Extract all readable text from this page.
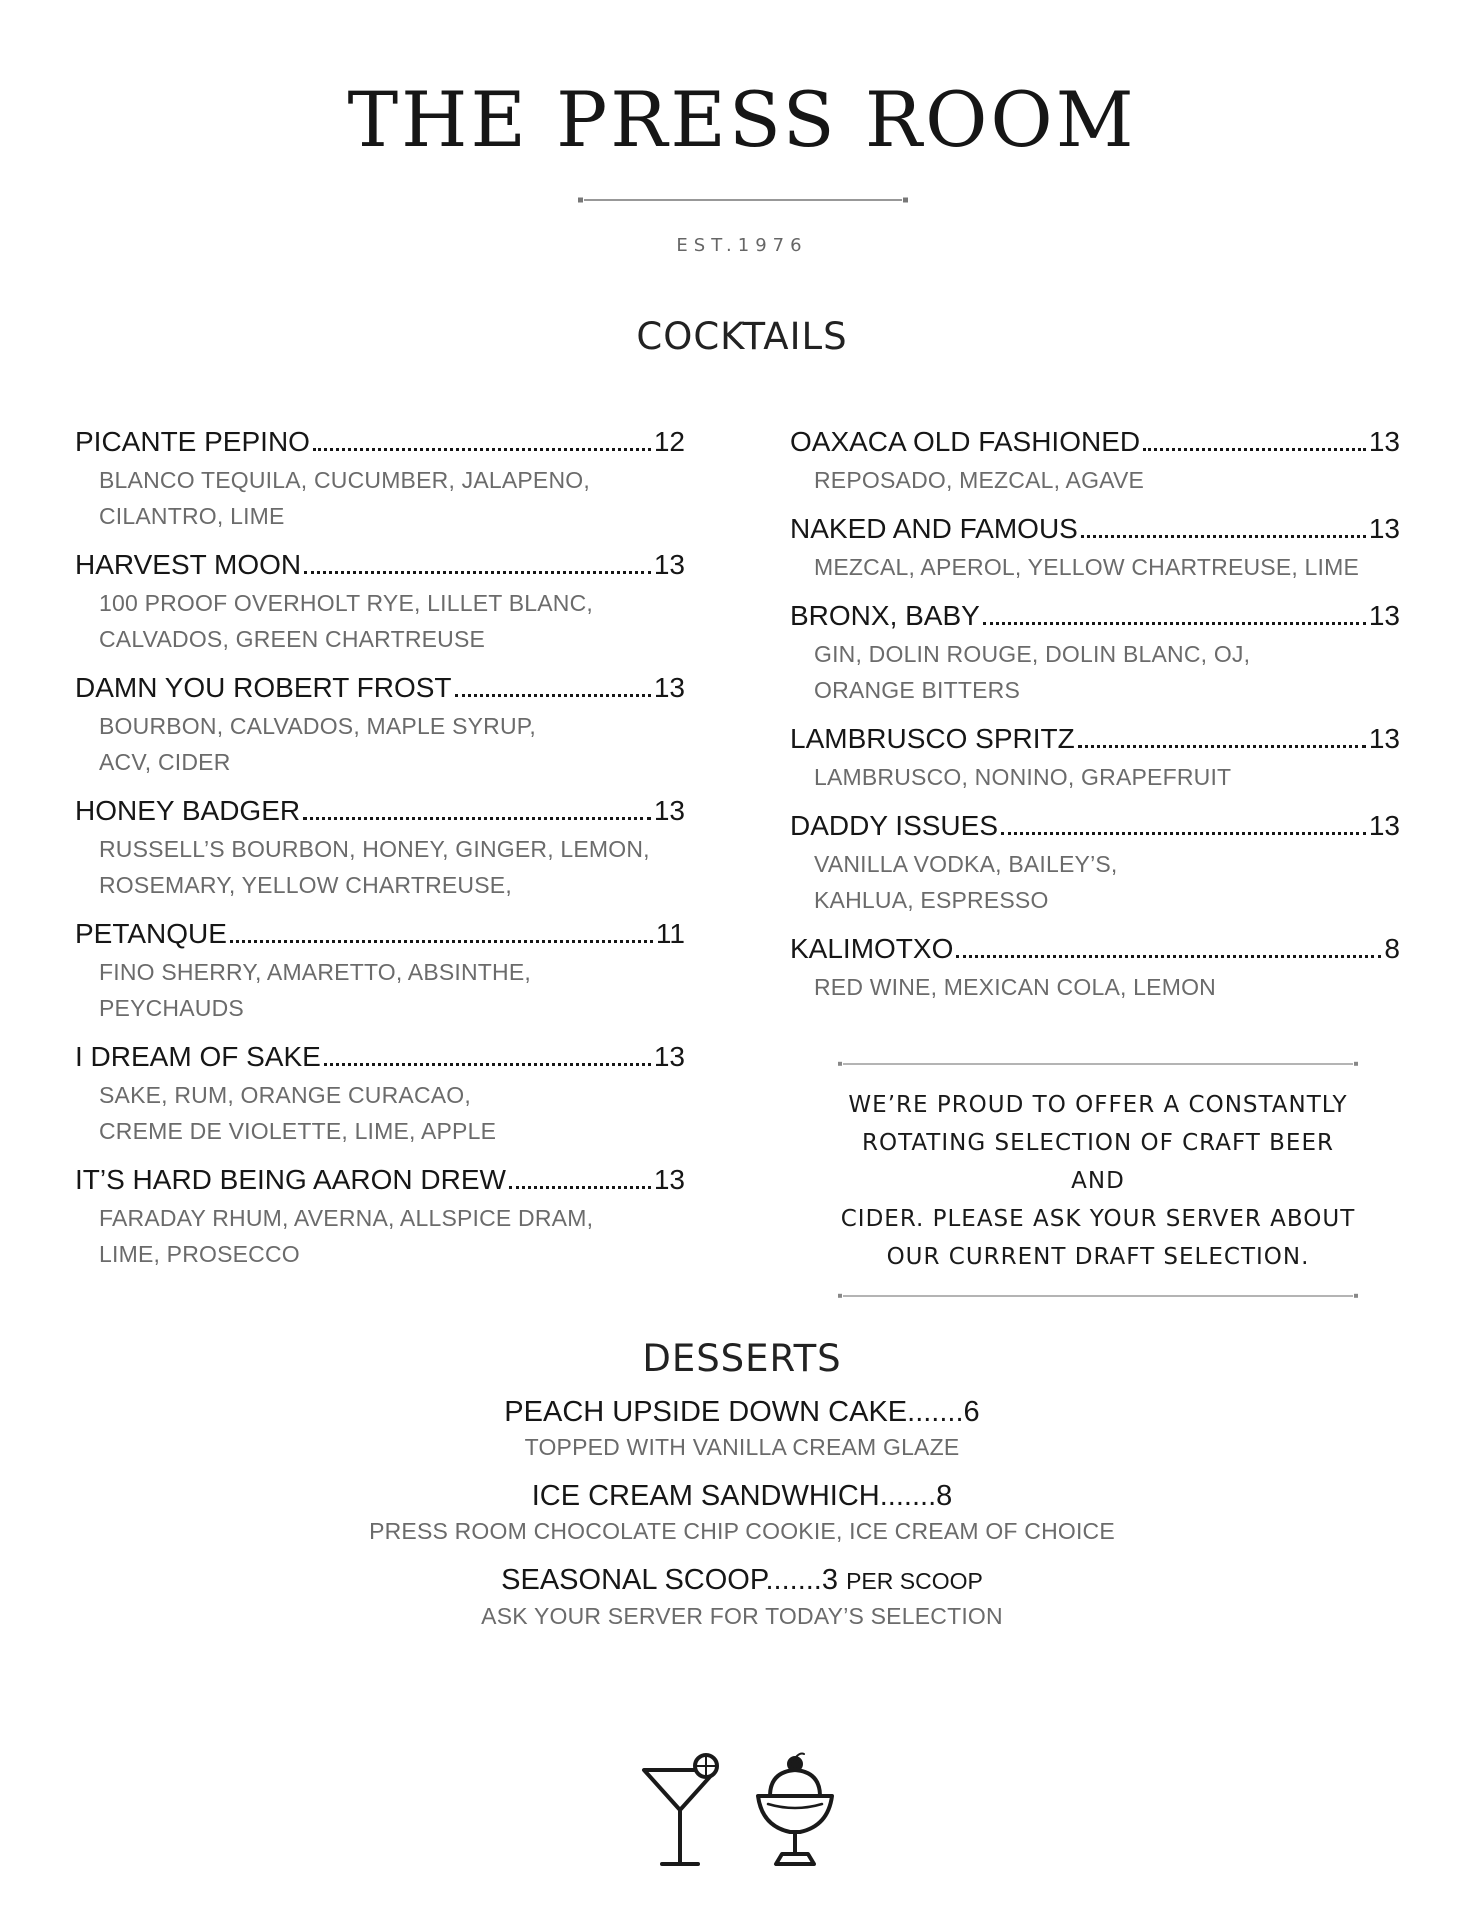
THE PRESS ROOM
EST.1976
COCKTAILS
PICANTE PEPINO	12
BLANCO TEQUILA, CUCUMBER, JALAPENO,
CILANTRO, LIME
HARVEST MOON	13
100 PROOF OVERHOLT RYE, LILLET BLANC,
CALVADOS, GREEN CHARTREUSE
DAMN YOU ROBERT FROST	13
BOURBON, CALVADOS, MAPLE SYRUP,
ACV, CIDER
HONEY BADGER	13
RUSSELL’S BOURBON, HONEY, GINGER, LEMON,
ROSEMARY, YELLOW CHARTREUSE,
PETANQUE	11
FINO SHERRY, AMARETTO, ABSINTHE,
PEYCHAUDS
I DREAM OF SAKE	13
SAKE, RUM, ORANGE CURACAO,
CREME DE VIOLETTE, LIME, APPLE
IT’S HARD BEING AARON DREW	13
FARADAY RHUM, AVERNA, ALLSPICE DRAM,
LIME, PROSECCO
OAXACA OLD FASHIONED	13
REPOSADO, MEZCAL, AGAVE
NAKED AND FAMOUS	13
MEZCAL, APEROL, YELLOW CHARTREUSE, LIME
BRONX, BABY	13
GIN, DOLIN ROUGE, DOLIN BLANC, OJ,
ORANGE BITTERS
LAMBRUSCO SPRITZ	13
LAMBRUSCO, NONINO, GRAPEFRUIT
DADDY ISSUES	13
VANILLA VODKA, BAILEY’S,
KAHLUA, ESPRESSO
KALIMOTXO	8
RED WINE, MEXICAN COLA, LEMON
WE’RE PROUD TO OFFER A CONSTANTLY
ROTATING SELECTION OF CRAFT BEER AND
CIDER. PLEASE ASK YOUR SERVER ABOUT
OUR CURRENT DRAFT SELECTION.
DESSERTS
PEACH UPSIDE DOWN CAKE.......6
TOPPED WITH VANILLA CREAM GLAZE
ICE CREAM SANDWHICH.......8
PRESS ROOM CHOCOLATE CHIP COOKIE, ICE CREAM OF CHOICE
SEASONAL SCOOP.......3 PER SCOOP
ASK YOUR SERVER FOR TODAY’S SELECTION
